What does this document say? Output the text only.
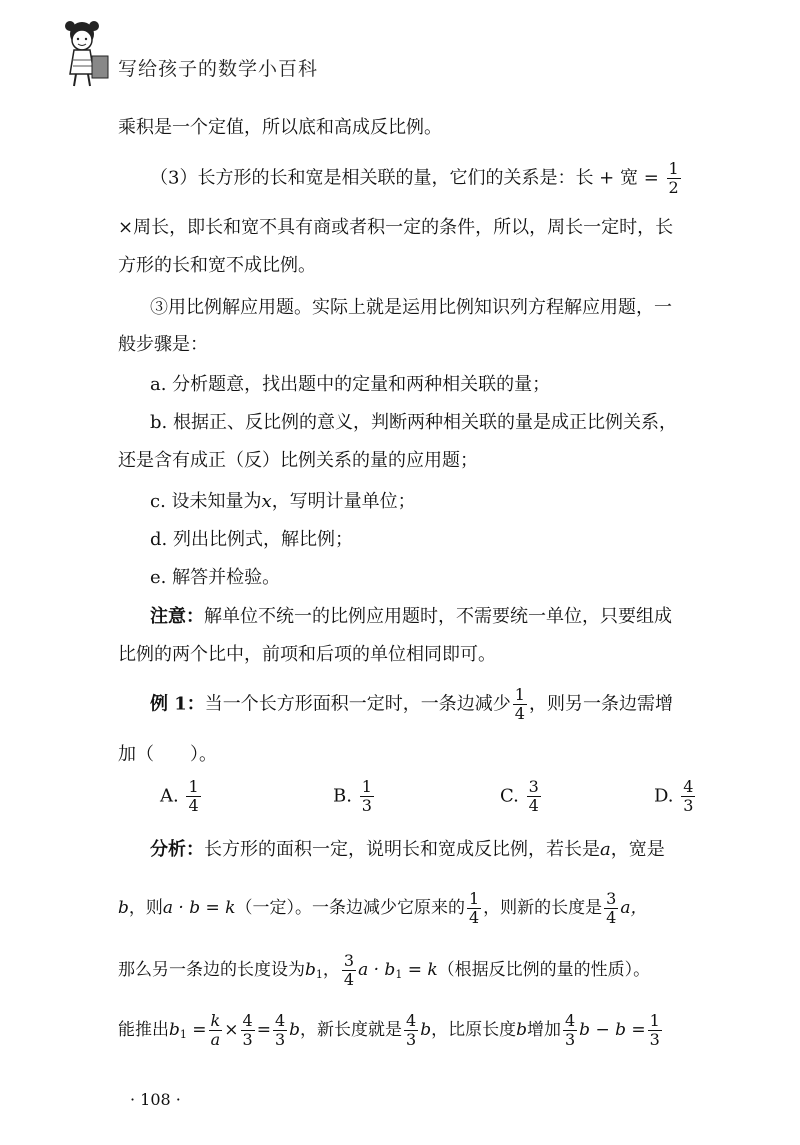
写给孩子的数学小百科
乘积是一个定值，所以底和高成反比例。
（3）长方形的长和宽是相关联的量，它们的关系是：长 + 宽 = $\frac{1}{2}$
×周长，即长和宽不具有商或者积一定的条件，所以，周长一定时，长
方形的长和宽不成比例。
③用比例解应用题。实际上就是运用比例知识列方程解应用题，一
般步骤是：
a. 分析题意，找出题中的定量和两种相关联的量；
b. 根据正、反比例的意义，判断两种相关联的量是成正比例关系，
还是含有成正（反）比例关系的量的应用题；
c. 设未知量为x，写明计量单位；
d. 列出比例式，解比例；
e. 解答并检验。
注意：解单位不统一的比例应用题时，不需要统一单位，只要组成
比例的两个比中，前项和后项的单位相同即可。
例 1：当一个长方形面积一定时，一条边减少 $\frac{1}{4}$ ，则另一条边需增
加（　　）。
A. $\frac{1}{4}$	B. $\frac{1}{3}$	C. $\frac{3}{4}$	D. $\frac{4}{3}$
分析：长方形的面积一定，说明长和宽成反比例，若长是a，宽是
b，则a · b = k（一定）。一条边减少它原来的 $\frac{1}{4}$ ，则新的长度是 $\frac{3}{4}$ a，
那么另一条边的长度设为$b_1$， $\frac{3}{4}$ $a \cdot b_1 = k$（根据反比例的量的性质）。
能推出$b_1 = \frac{k}{a} \times \frac{4}{3} = \frac{4}{3}$ b，新长度就是 $\frac{4}{3}$ b，比原长度b增加 $\frac{4}{3}$ $b - b = \frac{1}{3}$
· 108 ·
